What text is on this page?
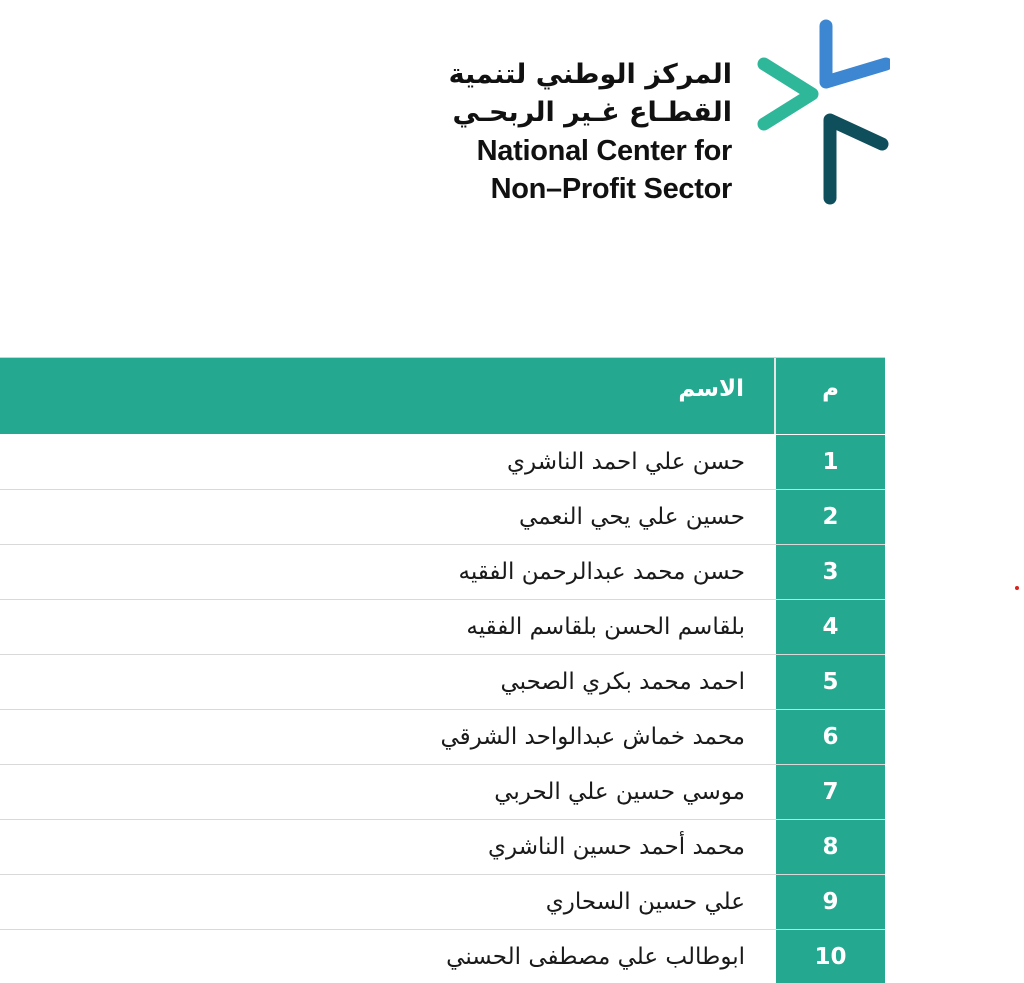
المركز الوطني لتنمية
القطـاع غـير الربحـي
National Center for
Non–Profit Sector
الاسم	م
حسن علي احمد الناشري	1
حسين علي يحي النعمي	2
حسن محمد عبدالرحمن الفقيه	3
بلقاسم الحسن بلقاسم الفقيه	4
احمد محمد بكري الصحبي	5
محمد خماش عبدالواحد الشرقي	6
موسي حسين علي الحربي	7
محمد أحمد حسين الناشري	8
علي حسين السحاري	9
ابوطالب علي مصطفى الحسني	10
